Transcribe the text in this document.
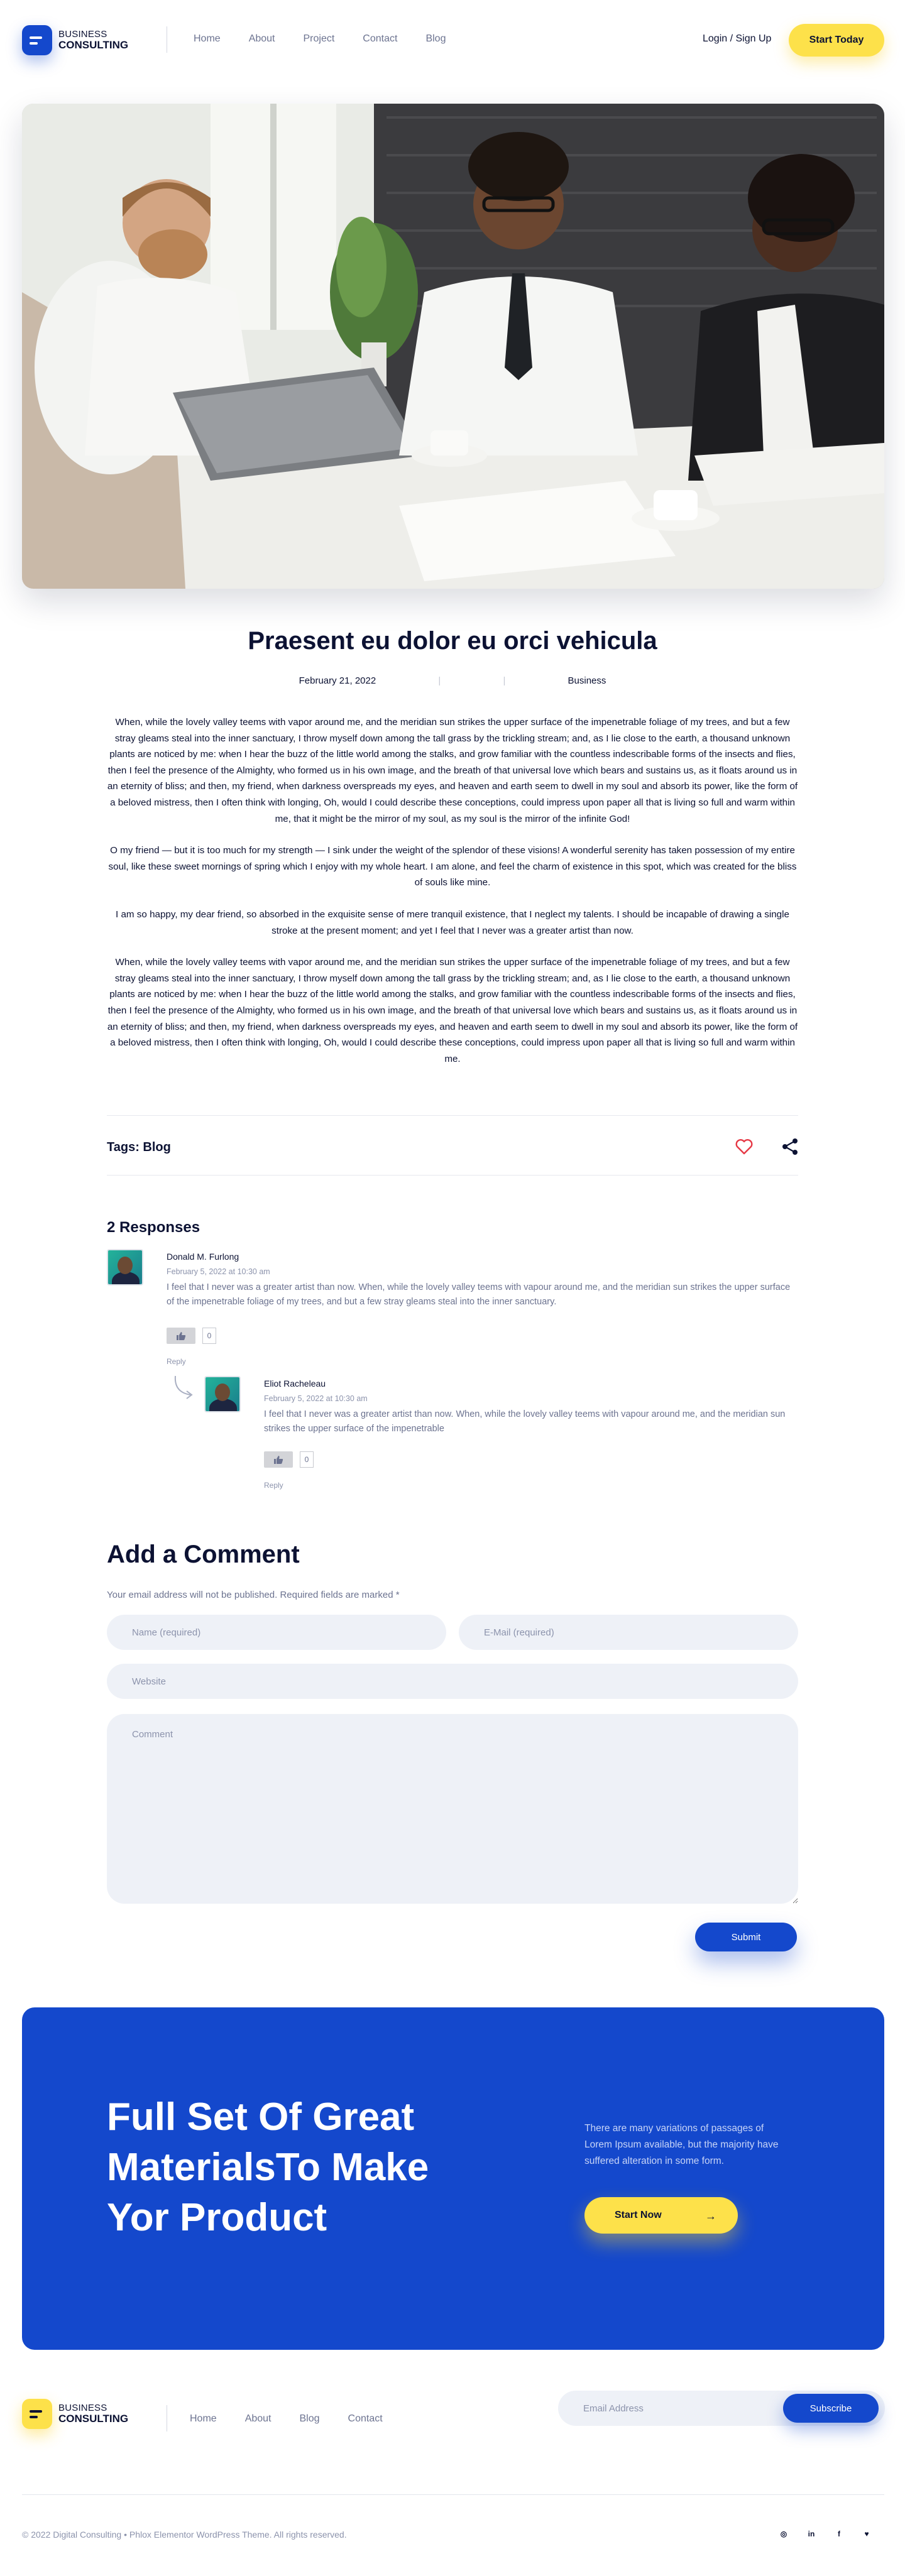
BUSINESS
CONSULTING
Home	About	Project	Contact	Blog	Login / Sign Up	Start Today
Praesent eu dolor eu orci vehicula
February 21, 2022	|	|	Business

When, while the lovely valley teems with vapor around me, and the meridian sun strikes the upper surface of the impenetrable foliage of my trees, and but a few stray gleams steal into the inner sanctuary, I throw myself down among the tall grass by the trickling stream; and, as I lie close to the earth, a thousand unknown plants are noticed by me: when I hear the buzz of the little world among the stalks, and grow familiar with the countless indescribable forms of the insects and flies, then I feel the presence of the Almighty, who formed us in his own image, and the breath of that universal love which bears and sustains us, as it floats around us in an eternity of bliss; and then, my friend, when darkness overspreads my eyes, and heaven and earth seem to dwell in my soul and absorb its power, like the form of a beloved mistress, then I often think with longing, Oh, would I could describe these conceptions, could impress upon paper all that is living so full and warm within me, that it might be the mirror of my soul, as my soul is the mirror of the infinite God!

O my friend — but it is too much for my strength — I sink under the weight of the splendor of these visions! A wonderful serenity has taken possession of my entire soul, like these sweet mornings of spring which I enjoy with my whole heart. I am alone, and feel the charm of existence in this spot, which was created for the bliss of souls like mine.

I am so happy, my dear friend, so absorbed in the exquisite sense of mere tranquil existence, that I neglect my talents. I should be incapable of drawing a single stroke at the present moment; and yet I feel that I never was a greater artist than now.

When, while the lovely valley teems with vapor around me, and the meridian sun strikes the upper surface of the impenetrable foliage of my trees, and but a few stray gleams steal into the inner sanctuary, I throw myself down among the tall grass by the trickling stream; and, as I lie close to the earth, a thousand unknown plants are noticed by me: when I hear the buzz of the little world among the stalks, and grow familiar with the countless indescribable forms of the insects and flies, then I feel the presence of the Almighty, who formed us in his own image, and the breath of that universal love which bears and sustains us, as it floats around us in an eternity of bliss; and then, my friend, when darkness overspreads my eyes, and heaven and earth seem to dwell in my soul and absorb its power, like the form of a beloved mistress, then I often think with longing, Oh, would I could describe these conceptions, could impress upon paper all that is living so full and warm within me.

Tags: Blog
2 Responses
Donald M. Furlong
February 5, 2022 at 10:30 am
I feel that I never was a greater artist than now. When, while the lovely valley teems with vapour around me, and the meridian sun strikes the upper surface of the impenetrable foliage of my trees, and but a few stray gleams steal into the inner sanctuary.
0
Reply
Eliot Racheleau
February 5, 2022 at 10:30 am
I feel that I never was a greater artist than now. When, while the lovely valley teems with vapour around me, and the meridian sun strikes the upper surface of the impenetrable
0
Reply
Add a Comment

Your email address will not be published. Required fields are marked *

Name (required)
E-Mail (required)
Website
Comment
Submit
Full Set Of Great MaterialsTo Make Yor Product

There are many variations of passages of Lorem Ipsum available, but the majority have suffered alteration in some form.

Start Now	→
BUSINESS
CONSULTING	Home	About	Blog	Contact
Email Address
Subscribe

© 2022 Digital Consulting • Phlox Elementor WordPress Theme. All rights reserved.	◎	in	f	♥
